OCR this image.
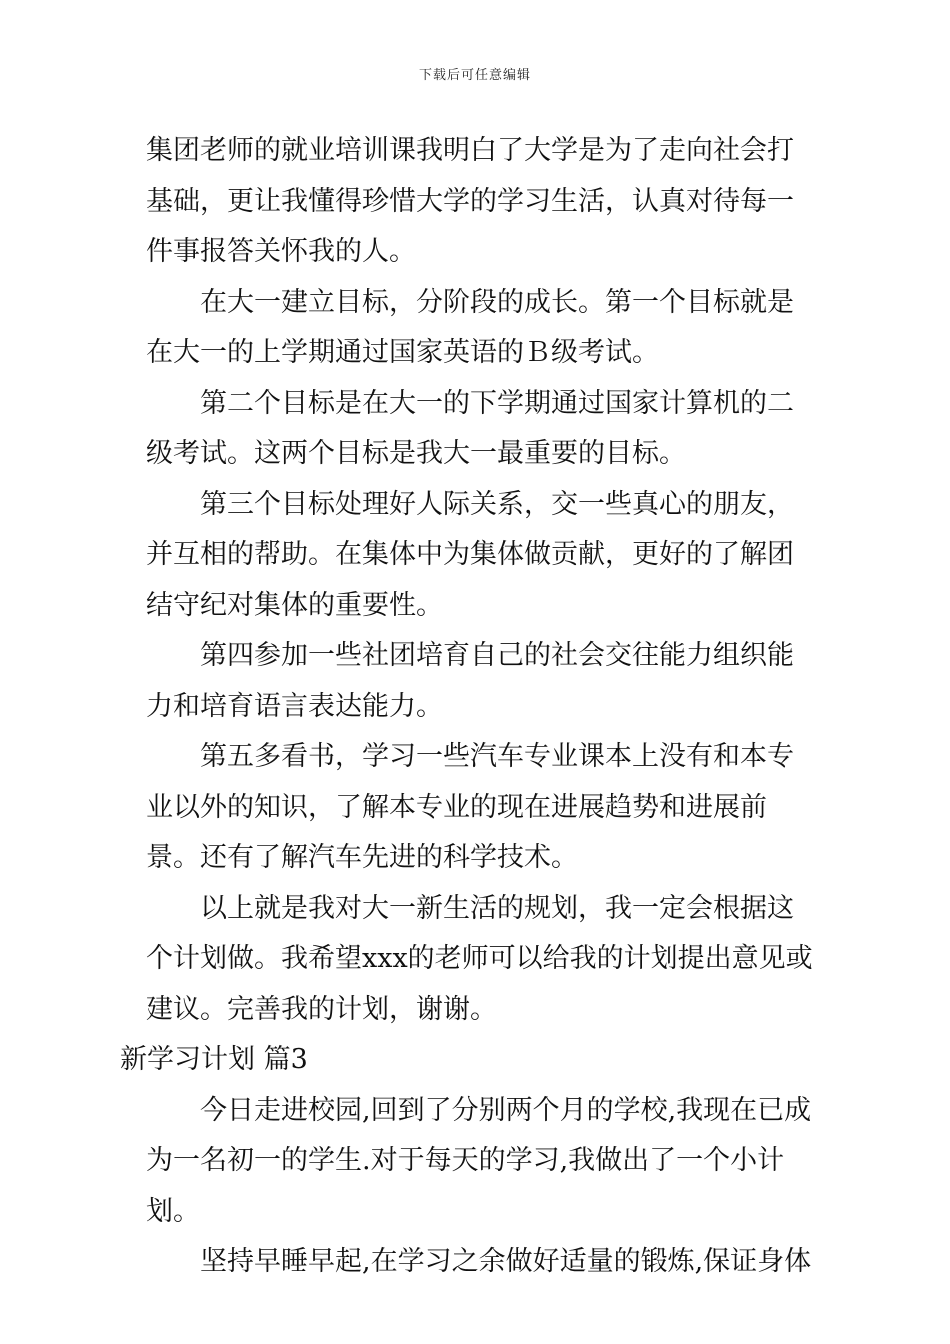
下载后可任意编辑

集团老师的就业培训课我明白了大学是为了走向社会打基础，更让我懂得珍惜大学的学习生活，认真对待每一件事报答关怀我的人。

在大一建立目标，分阶段的成长。第一个目标就是在大一的上学期通过国家英语的Ｂ级考试。

第二个目标是在大一的下学期通过国家计算机的二级考试。这两个目标是我大一最重要的目标。

第三个目标处理好人际关系，交一些真心的朋友，并互相的帮助。在集体中为集体做贡献，更好的了解团结守纪对集体的重要性。

第四参加一些社团培育自己的社会交往能力组织能力和培育语言表达能力。

第五多看书，学习一些汽车专业课本上没有和本专业以外的知识，了解本专业的现在进展趋势和进展前景。还有了解汽车先进的科学技术。

以上就是我对大一新生活的规划，我一定会根据这个计划做。我希望xxx的老师可以给我的计划提出意见或建议。完善我的计划，谢谢。

新学习计划 篇3

今日走进校园,回到了分别两个月的学校,我现在已成为一名初一的学生.对于每天的学习,我做出了一个小计划。

坚持早睡早起,在学习之余做好适量的锻炼,保证身体
